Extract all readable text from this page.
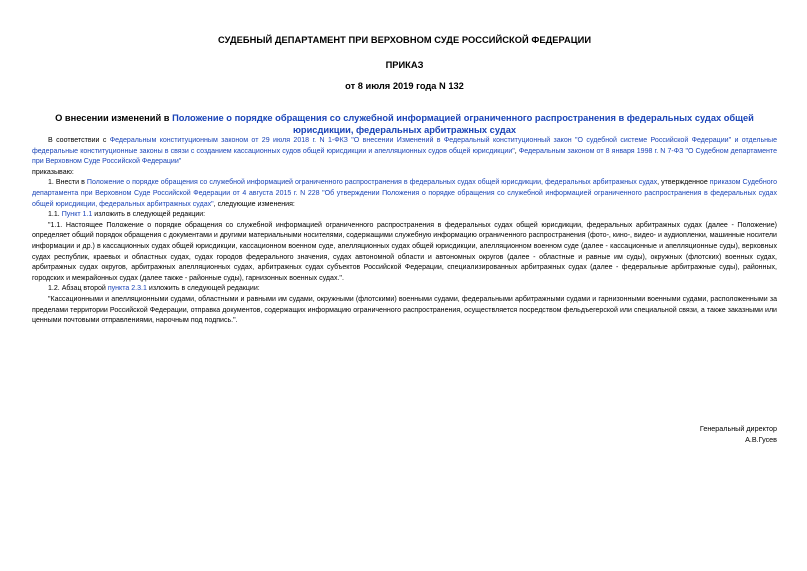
СУДЕБНЫЙ ДЕПАРТАМЕНТ ПРИ ВЕРХОВНОМ СУДЕ РОССИЙСКОЙ ФЕДЕРАЦИИ
ПРИКАЗ
от 8 июля 2019 года N 132
О внесении изменений в Положение о порядке обращения со служебной информацией ограниченного распространения в федеральных судах общей юрисдикции, федеральных арбитражных судах

В соответствии с Федеральным конституционным законом от 29 июля 2018 г. N 1-ФКЗ "О внесении Изменений в Федеральный конституционный закон "О судебной системе Российской Федерации" и отдельные федеральные конституционные законы в связи с созданием кассационных судов общей юрисдикции и апелляционных судов общей юрисдикции", Федеральным законом от 8 января 1998 г. N 7-ФЗ "О Судебном департаменте при Верховном Суде Российской Федерации"

приказываю:

1. Внести в Положение о порядке обращения со служебной информацией ограниченного распространения в федеральных судах общей юрисдикции, федеральных арбитражных судах, утвержденное приказом Судебного департамента при Верховном Суде Российской Федерации от 4 августа 2015 г. N 228 "Об утверждении Положения о порядке обращения со служебной информацией ограниченного распространения в федеральных судах общей юрисдикции, федеральных арбитражных судах", следующие изменения:

1.1. Пункт 1.1 изложить в следующей редакции:

"1.1. Настоящее Положение о порядке обращения со служебной информацией ограниченного распространения в федеральных судах общей юрисдикции, федеральных арбитражных судах (далее - Положение) определяет общий порядок обращения с документами и другими материальными носителями, содержащими служебную информацию ограниченного распространения (фото-, кино-, видео- и аудиопленки, машинные носители информации и др.) в кассационных судах общей юрисдикции, кассационном военном суде, апелляционных судах общей юрисдикции, апелляционном военном суде (далее - кассационные и апелляционные суды), верховных судах республик, краевых и областных судах, судах городов федерального значения, судах автономной области и автономных округов (далее - областные и равные им суды), окружных (флотских) военных судах, арбитражных судах округов, арбитражных апелляционных судах, арбитражных судах субъектов Российской Федерации, специализированных арбитражных судах (далее - федеральные арбитражные суды), районных, городских и межрайонных судах (далее также - районные суды), гарнизонных военных судах.".

1.2. Абзац второй пункта 2.3.1 изложить в следующей редакции:

"Кассационными и апелляционными судами, областными и равными им судами, окружными (флотскими) военными судами, федеральными арбитражными судами и гарнизонными военными судами, расположенными за пределами территории Российской Федерации, отправка документов, содержащих информацию ограниченного распространения, осуществляется посредством фельдъегерской или специальной связи, а также заказными или ценными почтовыми отправлениями, нарочным под подпись.".

Генеральный директор
А.В.Гусев
